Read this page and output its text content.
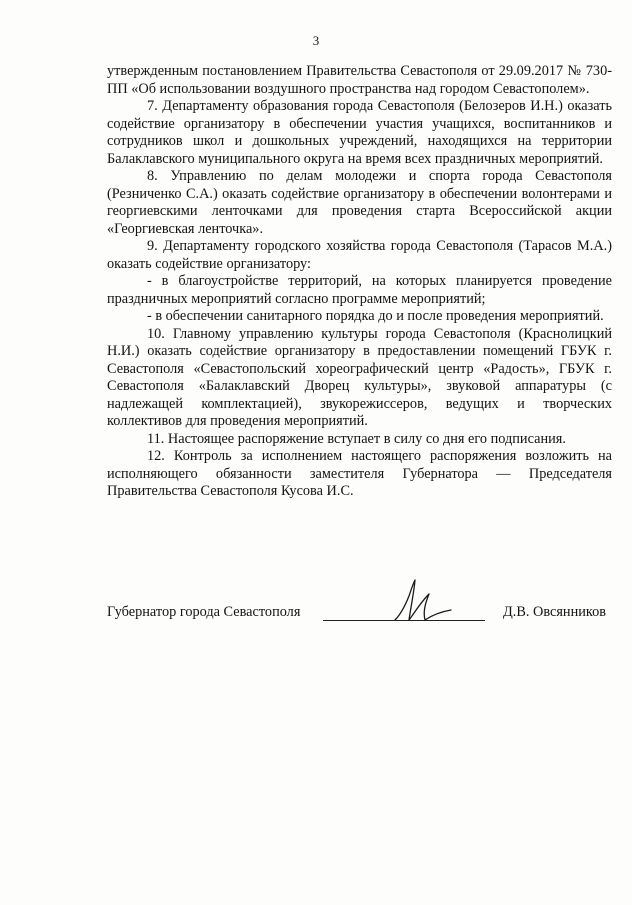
3

утвержденным постановлением Правительства Севастополя от 29.09.2017 № 730-ПП «Об использовании воздушного пространства над городом Севастополем».

7. Департаменту образования города Севастополя (Белозеров И.Н.) оказать содействие организатору в обеспечении участия учащихся, воспитанников и сотрудников школ и дошкольных учреждений, находящихся на территории Балаклавского муниципального округа на время всех праздничных мероприятий.

8. Управлению по делам молодежи и спорта города Севастополя (Резниченко С.А.) оказать содействие организатору в обеспечении волонтерами и георгиевскими ленточками для проведения старта Всероссийской акции «Георгиевская ленточка».

9. Департаменту городского хозяйства города Севастополя (Тарасов М.А.) оказать содействие организатору:

- в благоустройстве территорий, на которых планируется проведение праздничных мероприятий согласно программе мероприятий;

- в обеспечении санитарного порядка до и после проведения мероприятий.

10. Главному управлению культуры города Севастополя (Краснолицкий Н.И.) оказать содействие организатору в предоставлении помещений ГБУК г. Севастополя «Севастопольский хореографический центр «Радость», ГБУК г. Севастополя «Балаклавский Дворец культуры», звуковой аппаратуры (с надлежащей комплектацией), звукорежиссеров, ведущих и творческих коллективов для проведения мероприятий.

11. Настоящее распоряжение вступает в силу со дня его подписания.

12. Контроль за исполнением настоящего распоряжения возложить на исполняющего обязанности заместителя Губернатора — Председателя Правительства Севастополя Кусова И.С.

Губернатор города Севастополя	Д.В. Овсянников
